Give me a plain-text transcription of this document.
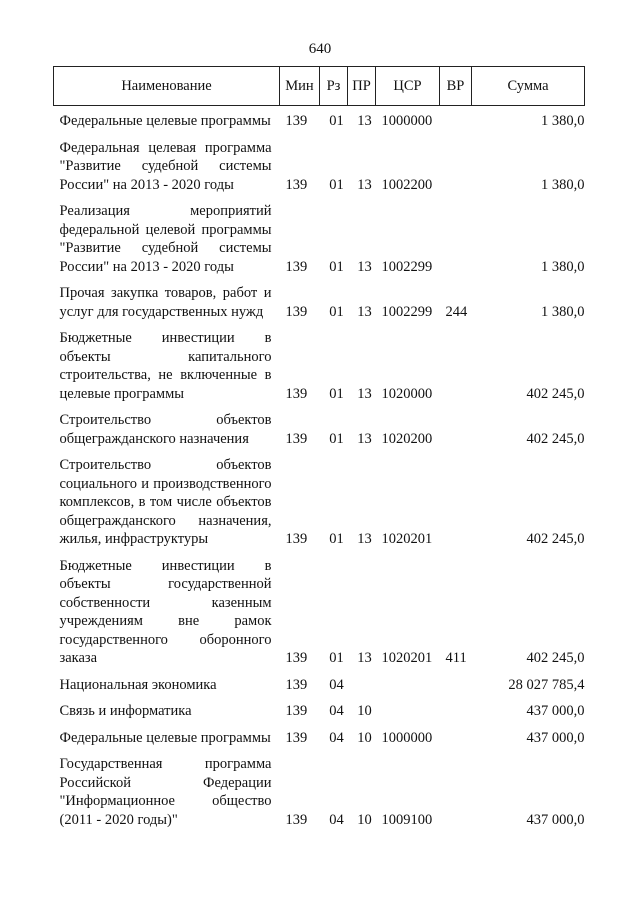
640
Наименование	Мин	Рз	ПР	ЦСР	ВР	Сумма
Федеральные целевые программы	139	01	13	1000000		1 380,0
Федеральная целевая программа "Развитие судебной системы России" на 2013 - 2020 годы	139	01	13	1002200		1 380,0
Реализация мероприятий федеральной целевой программы "Развитие судебной системы России" на 2013 - 2020 годы	139	01	13	1002299		1 380,0
Прочая закупка товаров, работ и услуг для государственных нужд	139	01	13	1002299	244	1 380,0
Бюджетные инвестиции в объекты капитального строительства, не включенные в целевые программы	139	01	13	1020000		402 245,0
Строительство объектов общегражданского назначения	139	01	13	1020200		402 245,0
Строительство объектов социального и производственного комплексов, в том числе объектов общегражданского назначения, жилья, инфраструктуры	139	01	13	1020201		402 245,0
Бюджетные инвестиции в объекты государственной собственности казенным учреждениям вне рамок государственного оборонного заказа	139	01	13	1020201	411	402 245,0
Национальная экономика	139	04				28 027 785,4
Связь и информатика	139	04	10			437 000,0
Федеральные целевые программы	139	04	10	1000000		437 000,0
Государственная программа Российской Федерации "Информационное общество (2011 - 2020 годы)"	139	04	10	1009100		437 000,0
